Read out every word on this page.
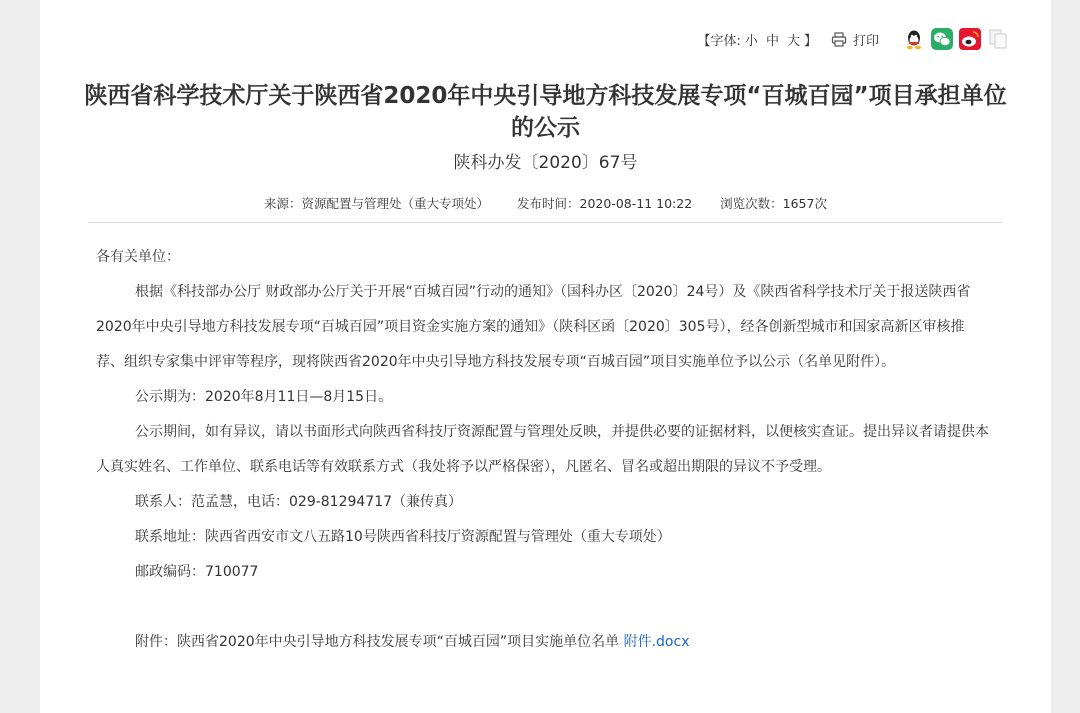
【字体: 小 中 大 】	打印
陕西省科学技术厅关于陕西省2020年中央引导地方科技发展专项“百城百园”项目承担单位的公示
陕科办发〔2020〕67号
来源：资源配置与管理处（重大专项处） 发布时间：2020-08-11 10:22 浏览次数：1657次

各有关单位：

根据《科技部办公厅 财政部办公厅关于开展“百城百园”行动的通知》（国科办区〔2020〕24号）及《陕西省科学技术厅关于报送陕西省2020年中央引导地方科技发展专项“百城百园”项目资金实施方案的通知》（陕科区函〔2020〕305号），经各创新型城市和国家高新区审核推荐、组织专家集中评审等程序，现将陕西省2020年中央引导地方科技发展专项“百城百园”项目实施单位予以公示（名单见附件）。

公示期为：2020年8月11日—8月15日。

公示期间，如有异议，请以书面形式向陕西省科技厅资源配置与管理处反映，并提供必要的证据材料，以便核实查证。提出异议者请提供本人真实姓名、工作单位、联系电话等有效联系方式（我处将予以严格保密），凡匿名、冒名或超出期限的异议不予受理。

联系人：范孟慧，电话：029-81294717（兼传真）

联系地址：陕西省西安市文八五路10号陕西省科技厅资源配置与管理处（重大专项处）

邮政编码：710077

附件：陕西省2020年中央引导地方科技发展专项“百城百园”项目实施单位名单 附件.docx
